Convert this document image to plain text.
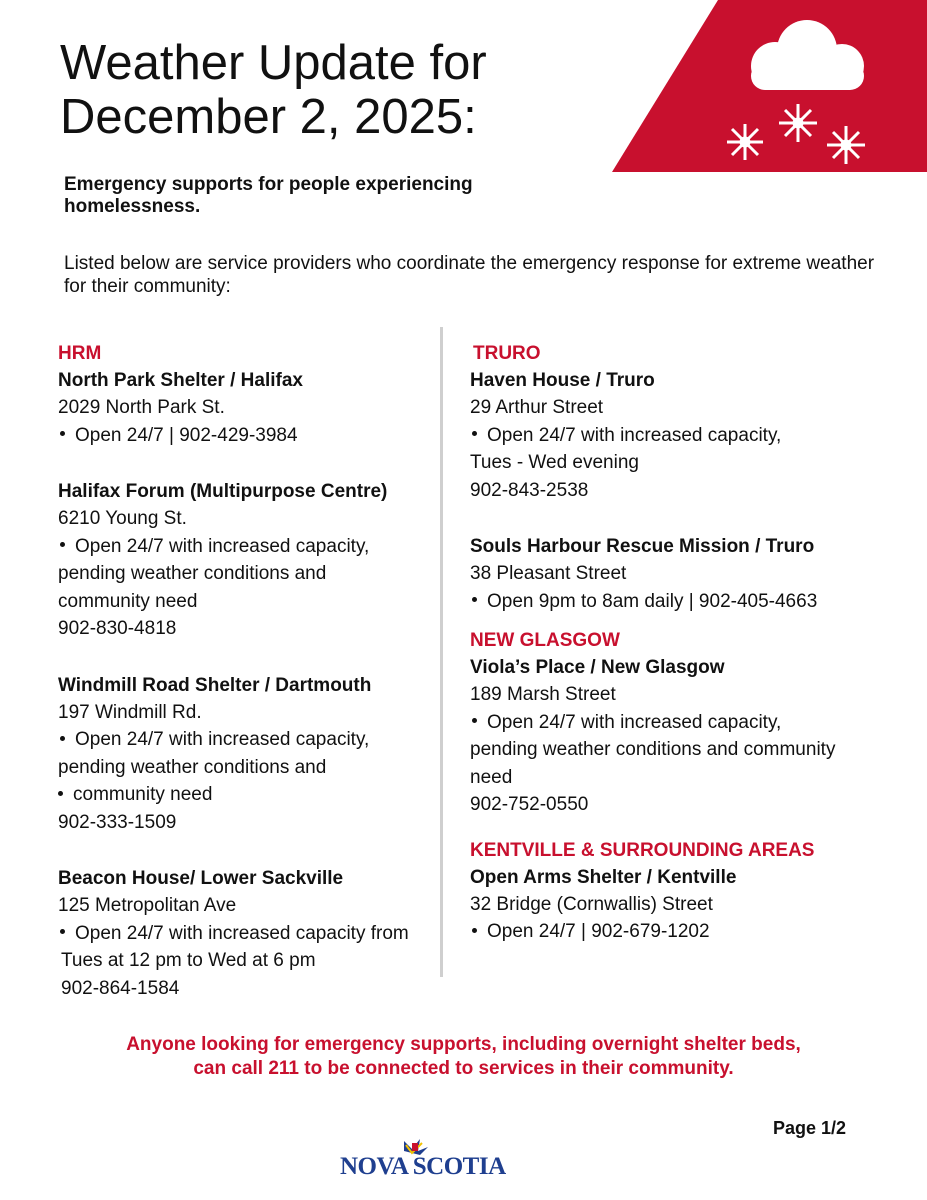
Weather Update for
December 2, 2025:
Emergency supports for people experiencing homelessness.
Listed below are service providers who coordinate the emergency response for extreme weather for their community:
HRM
North Park Shelter / Halifax
2029 North Park St.
Open 24/7 | 902-429-3984
Halifax Forum (Multipurpose Centre)
6210 Young St.
Open 24/7 with increased capacity,
pending weather conditions and
community need
902-830-4818
Windmill Road Shelter / Dartmouth
197 Windmill Rd.
Open 24/7 with increased capacity,
pending weather conditions and
community need
902-333-1509
Beacon House/ Lower Sackville
125 Metropolitan Ave
Open 24/7 with increased capacity from
Tues at 12 pm to Wed at 6 pm
902-864-1584
TRURO
Haven House / Truro
29 Arthur Street
Open 24/7 with increased capacity,
Tues - Wed evening
902-843-2538
Souls Harbour Rescue Mission / Truro
38 Pleasant Street
Open 9pm to 8am daily | 902-405-4663
NEW GLASGOW
Viola’s Place / New Glasgow
189 Marsh Street
Open 24/7 with increased capacity,
pending weather conditions and community
need
902-752-0550
KENTVILLE & SURROUNDING AREAS
Open Arms Shelter / Kentville
32 Bridge (Cornwallis) Street
Open 24/7 | 902-679-1202
Anyone looking for emergency supports, including overnight shelter beds,
can call 211 to be connected to services in their community.
Page 1/2
NOVA SCOTIA
